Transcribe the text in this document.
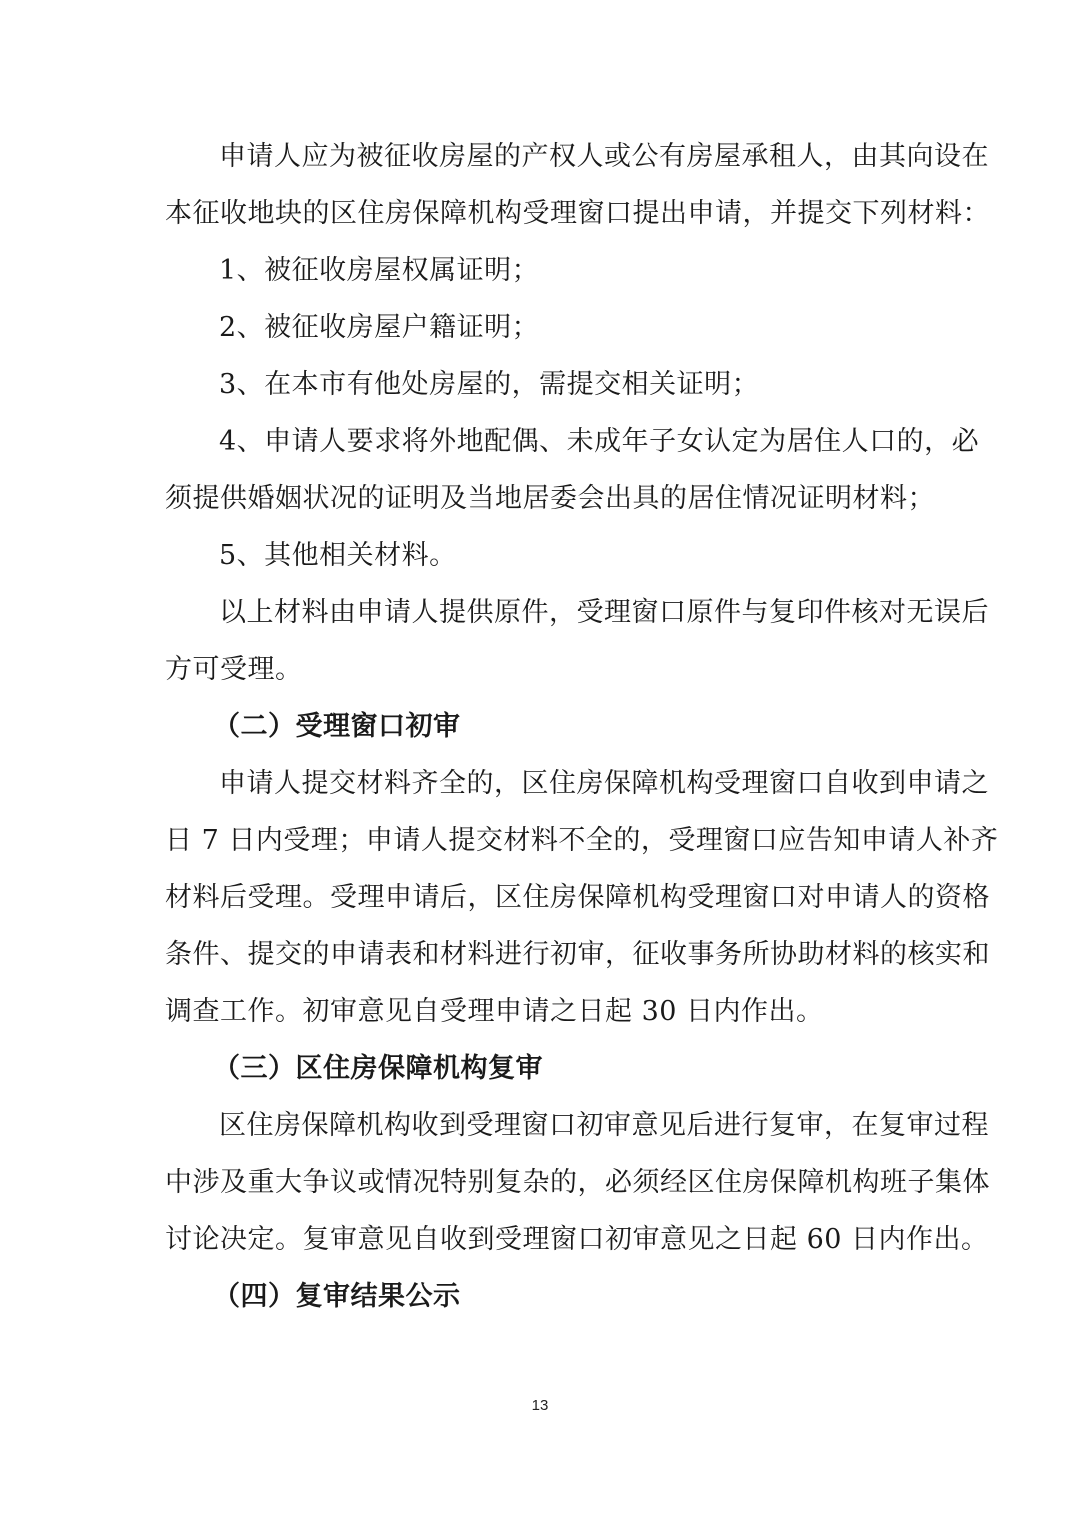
申请人应为被征收房屋的产权人或公有房屋承租人，由其向设在
本征收地块的区住房保障机构受理窗口提出申请，并提交下列材料：
1、被征收房屋权属证明；
2、被征收房屋户籍证明；
3、在本市有他处房屋的，需提交相关证明；
4、申请人要求将外地配偶、未成年子女认定为居住人口的，必
须提供婚姻状况的证明及当地居委会出具的居住情况证明材料；
5、其他相关材料。
以上材料由申请人提供原件，受理窗口原件与复印件核对无误后
方可受理。
（二）受理窗口初审
申请人提交材料齐全的，区住房保障机构受理窗口自收到申请之
日 7 日内受理；申请人提交材料不全的，受理窗口应告知申请人补齐
材料后受理。受理申请后，区住房保障机构受理窗口对申请人的资格
条件、提交的申请表和材料进行初审，征收事务所协助材料的核实和
调查工作。初审意见自受理申请之日起 30 日内作出。
（三）区住房保障机构复审
区住房保障机构收到受理窗口初审意见后进行复审，在复审过程
中涉及重大争议或情况特别复杂的，必须经区住房保障机构班子集体
讨论决定。复审意见自收到受理窗口初审意见之日起 60 日内作出。
（四）复审结果公示
13
